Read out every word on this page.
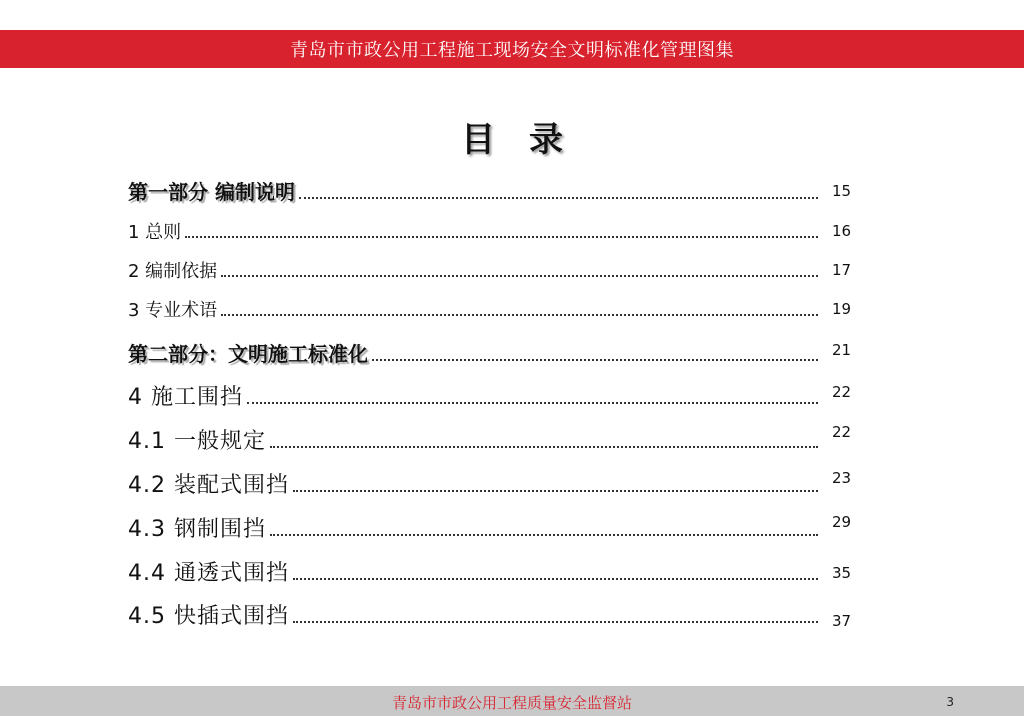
青岛市市政公用工程施工现场安全文明标准化管理图集
目录
第一部分 编制说明	15
1 总则	16
2 编制依据	17
3 专业术语	19
第二部分：文明施工标准化	21
4 施工围挡	22
4.1 一般规定	22
4.2 装配式围挡	23
4.3 钢制围挡	29
4.4 通透式围挡	35
4.5 快插式围挡	37
青岛市市政公用工程质量安全监督站	3
